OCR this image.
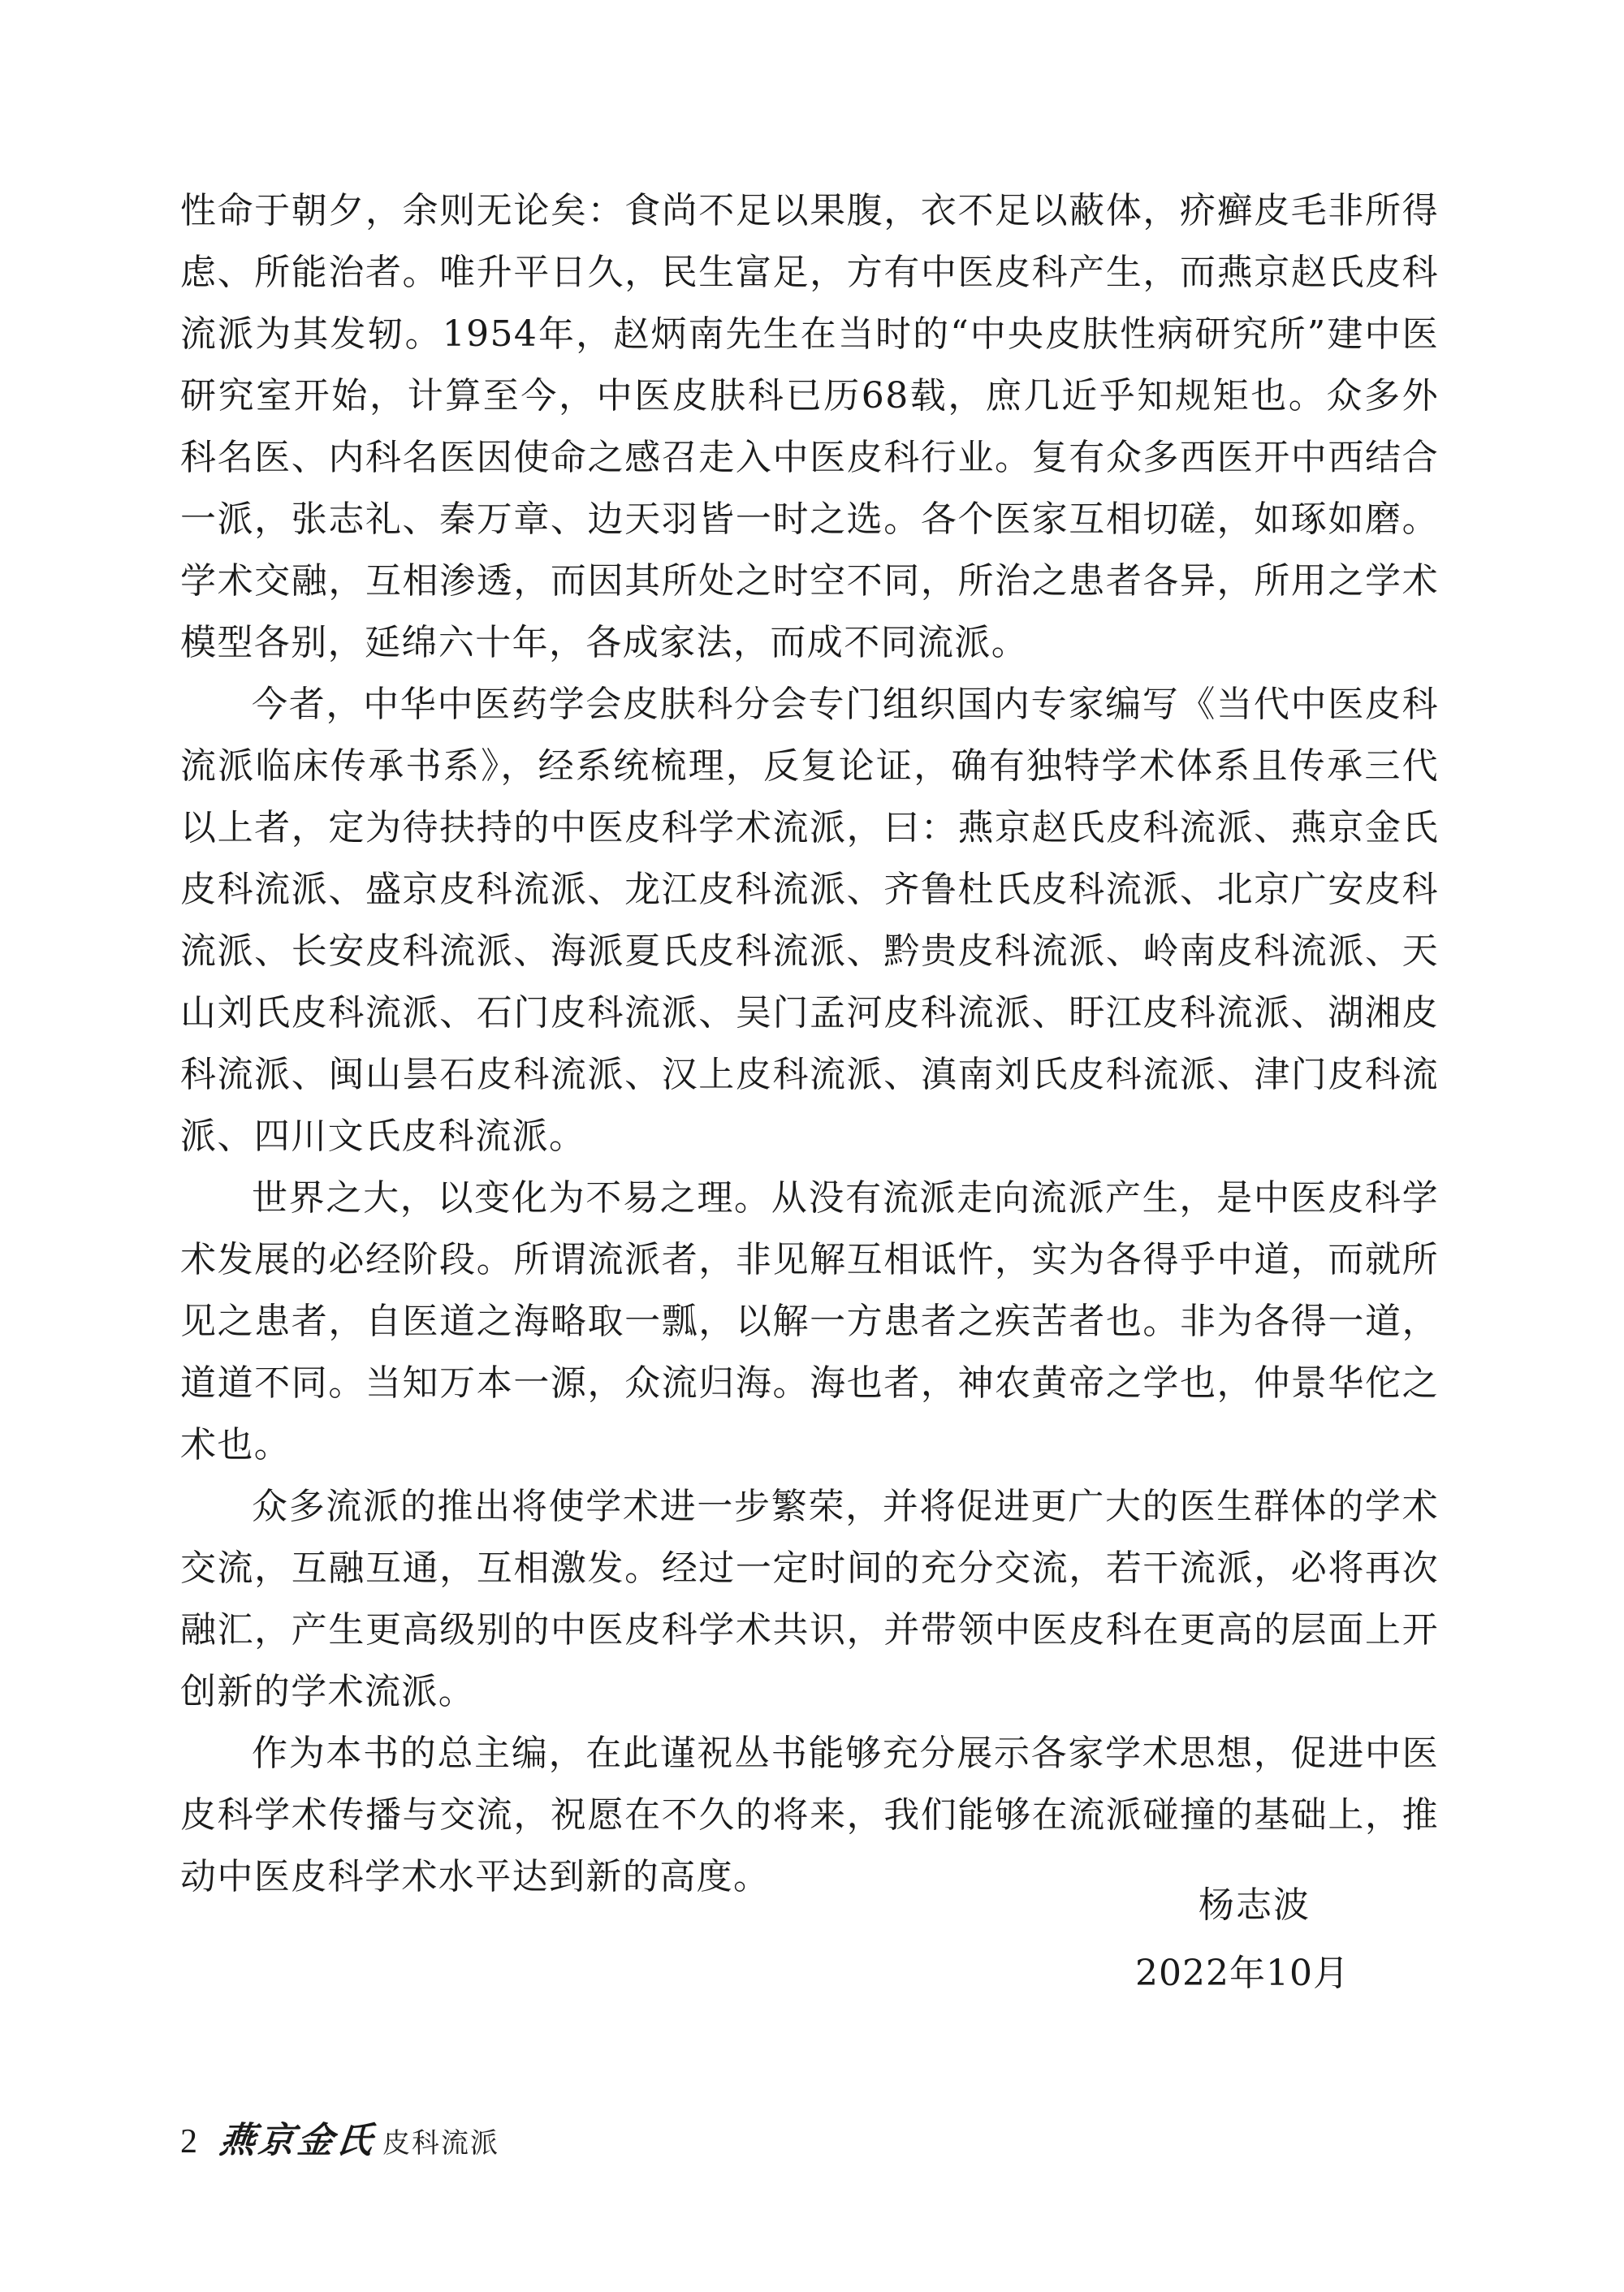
性命于朝夕，余则无论矣：食尚不足以果腹，衣不足以蔽体，疥癣皮毛非所得虑、所能治者。唯升平日久，民生富足，方有中医皮科产生，而燕京赵氏皮科流派为其发轫。1954年，赵炳南先生在当时的“中央皮肤性病研究所”建中医研究室开始，计算至今，中医皮肤科已历68载，庶几近乎知规矩也。众多外科名医、内科名医因使命之感召走入中医皮科行业。复有众多西医开中西结合一派，张志礼、秦万章、边天羽皆一时之选。各个医家互相切磋，如琢如磨。学术交融，互相渗透，而因其所处之时空不同，所治之患者各异，所用之学术模型各别，延绵六十年，各成家法，而成不同流派。

今者，中华中医药学会皮肤科分会专门组织国内专家编写《当代中医皮科流派临床传承书系》，经系统梳理，反复论证，确有独特学术体系且传承三代以上者，定为待扶持的中医皮科学术流派，曰：燕京赵氏皮科流派、燕京金氏皮科流派、盛京皮科流派、龙江皮科流派、齐鲁杜氏皮科流派、北京广安皮科流派、长安皮科流派、海派夏氏皮科流派、黔贵皮科流派、岭南皮科流派、天山刘氏皮科流派、石门皮科流派、吴门孟河皮科流派、盱江皮科流派、湖湘皮科流派、闽山昙石皮科流派、汉上皮科流派、滇南刘氏皮科流派、津门皮科流派、四川文氏皮科流派。

世界之大，以变化为不易之理。从没有流派走向流派产生，是中医皮科学术发展的必经阶段。所谓流派者，非见解互相诋忤，实为各得乎中道，而就所见之患者，自医道之海略取一瓢，以解一方患者之疾苦者也。非为各得一道，道道不同。当知万本一源，众流归海。海也者，神农黄帝之学也，仲景华佗之术也。

众多流派的推出将使学术进一步繁荣，并将促进更广大的医生群体的学术交流，互融互通，互相激发。经过一定时间的充分交流，若干流派，必将再次融汇，产生更高级别的中医皮科学术共识，并带领中医皮科在更高的层面上开创新的学术流派。

作为本书的总主编，在此谨祝丛书能够充分展示各家学术思想，促进中医皮科学术传播与交流，祝愿在不久的将来，我们能够在流派碰撞的基础上，推动中医皮科学术水平达到新的高度。

杨志波
2022年10月
2 燕京金氏 皮科流派
